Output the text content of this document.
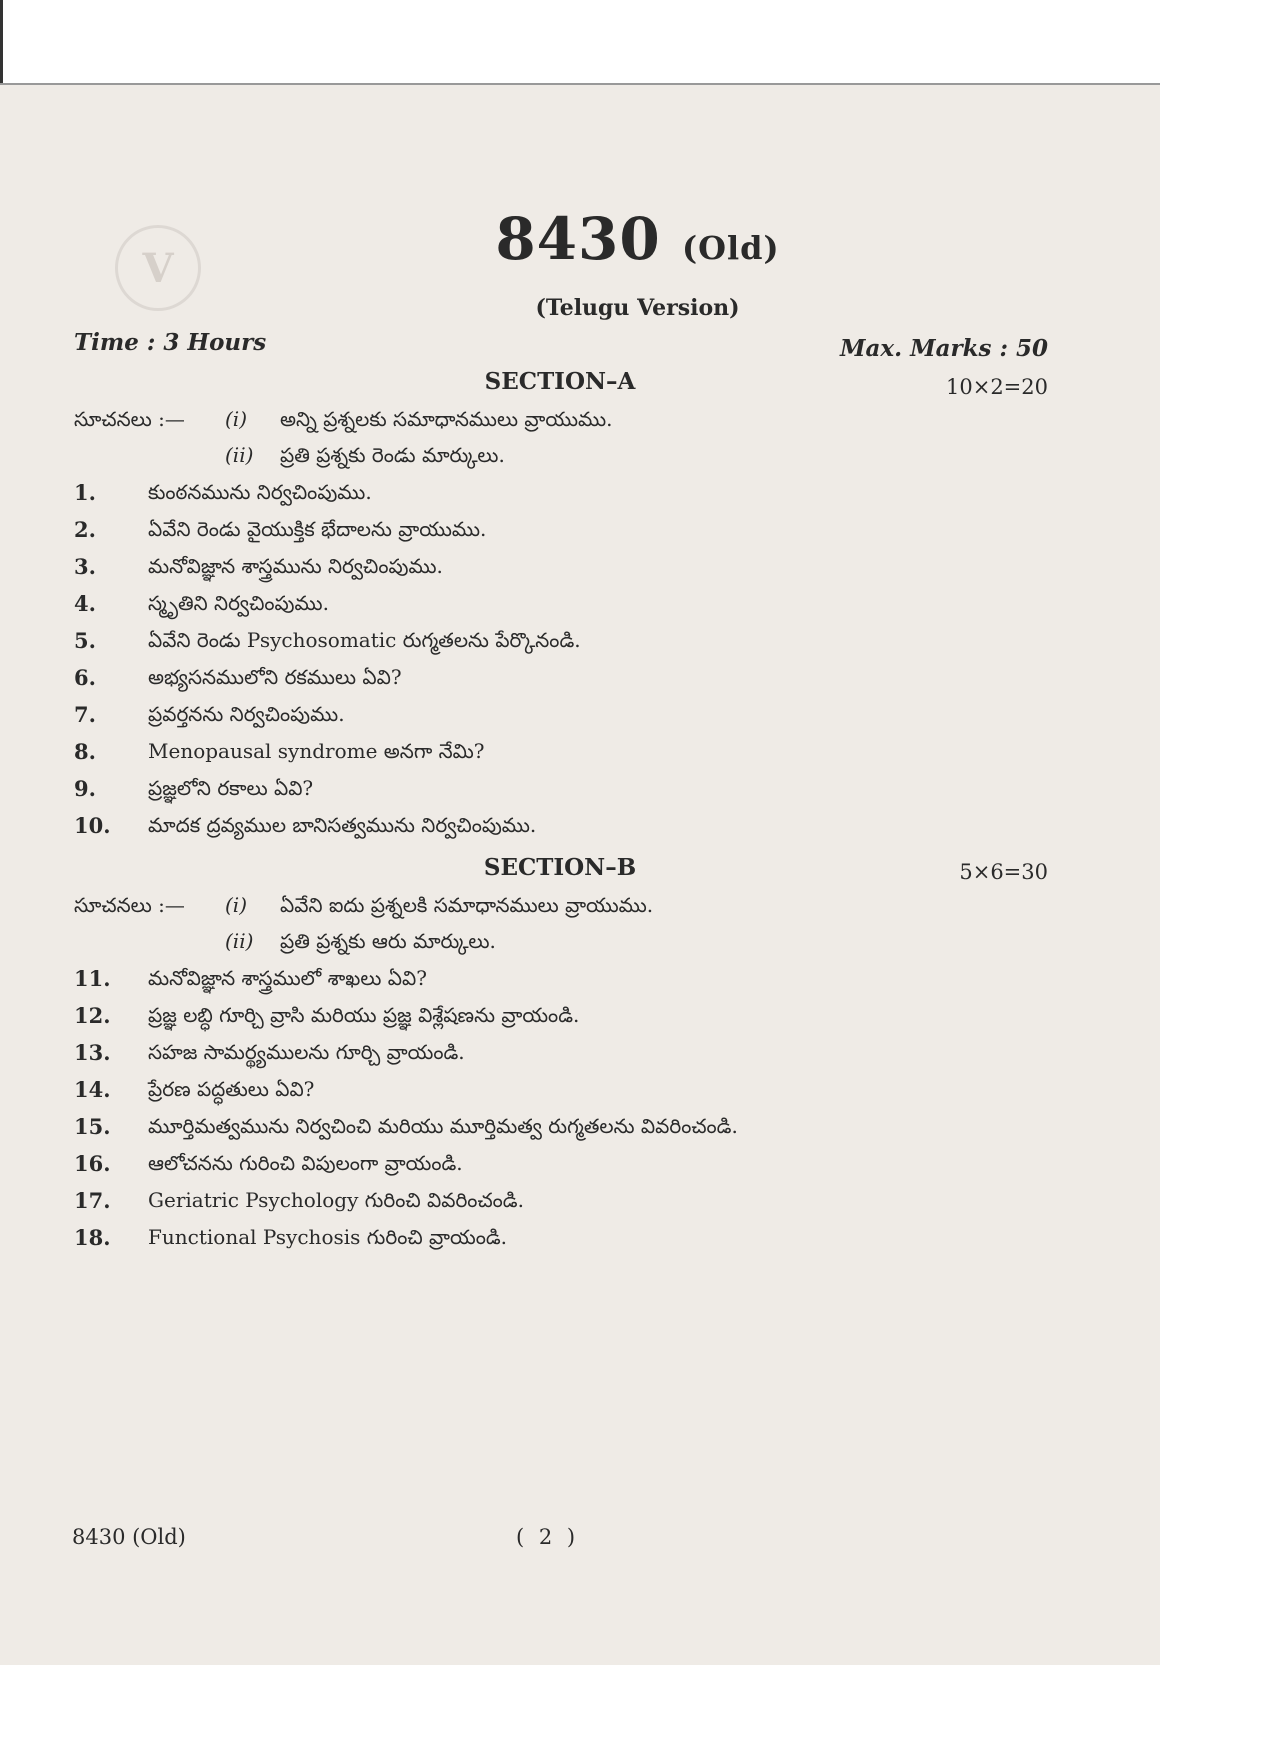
V	8430 (Old)
(Telugu Version)
Time : 3 Hours	Max. Marks : 50
SECTION–A	10×2=20
సూచనలు :— (i) అన్ని ప్రశ్నలకు సమాధానములు వ్రాయుము.
(ii) ప్రతి ప్రశ్నకు రెండు మార్కులు.
1.	కుంఠనమును నిర్వచింపుము.
2.	ఏవేని రెండు వైయుక్తిక భేదాలను వ్రాయుము.
3.	మనోవిజ్ఞాన శాస్త్రమును నిర్వచింపుము.
4.	స్మృతిని నిర్వచింపుము.
5.	ఏవేని రెండు Psychosomatic రుగ్మతలను పేర్కొనండి.
6.	అభ్యసనములోని రకములు ఏవి?
7.	ప్రవర్తనను నిర్వచింపుము.
8.	Menopausal syndrome అనగా నేమి?
9.	ప్రజ్ఞలోని రకాలు ఏవి?
10.	మాదక ద్రవ్యముల బానిసత్వమును నిర్వచింపుము.
SECTION–B	5×6=30
సూచనలు :— (i) ఏవేని ఐదు ప్రశ్నలకి సమాధానములు వ్రాయుము.
(ii) ప్రతి ప్రశ్నకు ఆరు మార్కులు.
11.	మనోవిజ్ఞాన శాస్త్రములో శాఖలు ఏవి?
12.	ప్రజ్ఞ లబ్ధి గూర్చి వ్రాసి మరియు ప్రజ్ఞ విశ్లేషణను వ్రాయండి.
13.	సహజ సామర్థ్యములను గూర్చి వ్రాయండి.
14.	ప్రేరణ పద్ధతులు ఏవి?
15.	మూర్తిమత్వమును నిర్వచించి మరియు మూర్తిమత్వ రుగ్మతలను వివరించండి.
16.	ఆలోచనను గురించి విపులంగా వ్రాయండి.
17.	Geriatric Psychology గురించి వివరించండి.
18.	Functional Psychosis గురించి వ్రాయండి.
8430 (Old)	( 2 )
